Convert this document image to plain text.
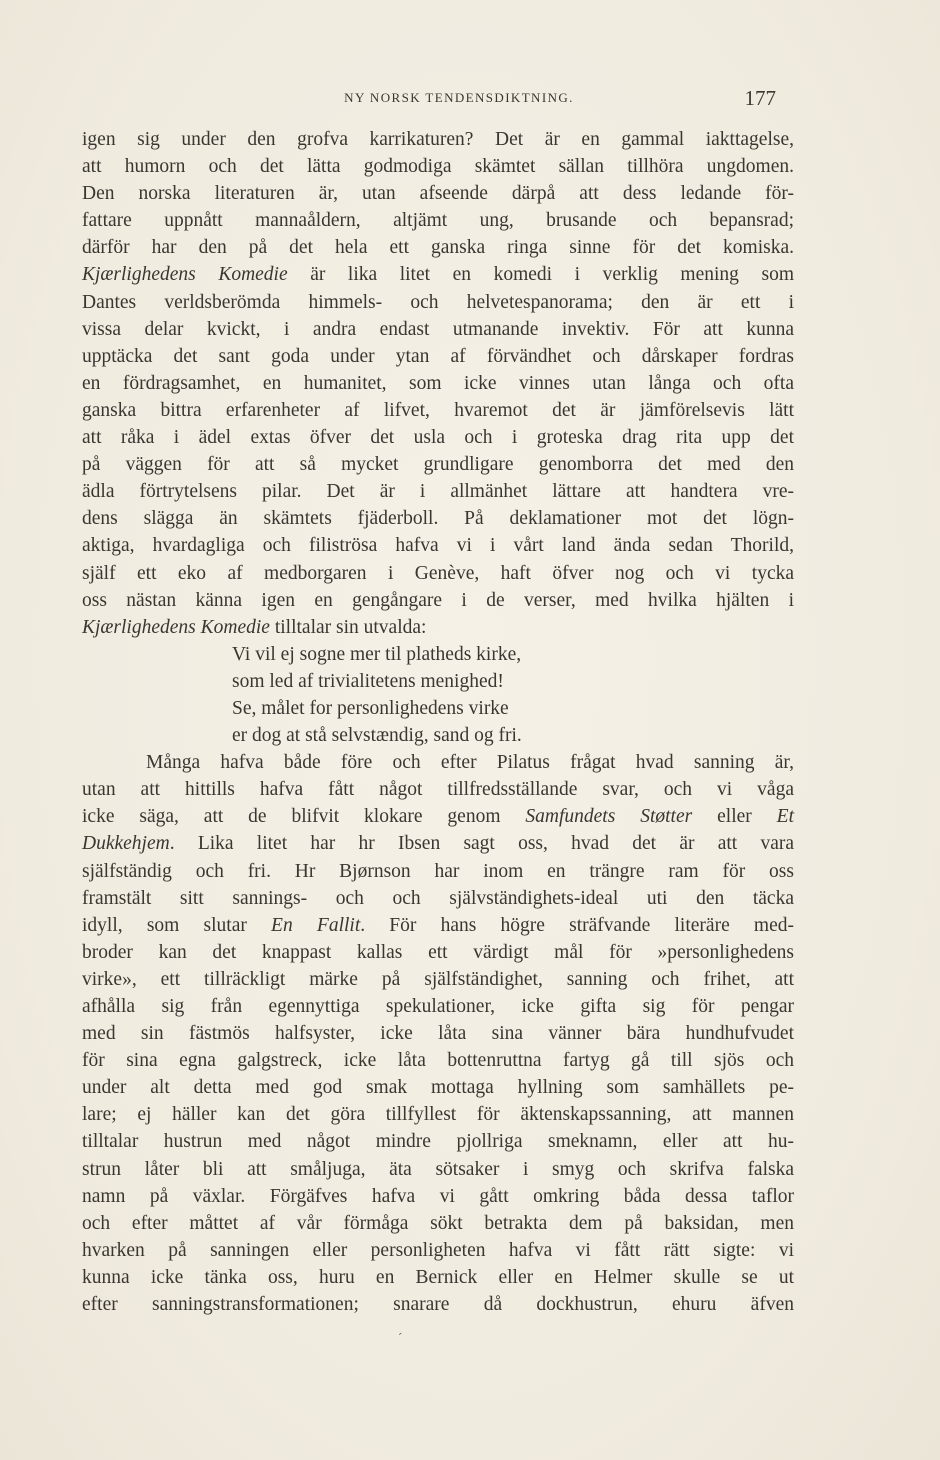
NY NORSK TENDENSDIKTNING.	177
igen sig under den grofva karrikaturen? Det är en gammal iakttagelse,
att humorn och det lätta godmodiga skämtet sällan tillhöra ungdomen.
Den norska literaturen är, utan afseende därpå att dess ledande för-
fattare uppnått mannaåldern, altjämt ung, brusande och bepansrad;
därför har den på det hela ett ganska ringa sinne för det komiska.
Kjærlighedens Komedie är lika litet en komedi i verklig mening som
Dantes verldsberömda himmels- och helvetespanorama; den är ett i
vissa delar kvickt, i andra endast utmanande invektiv. För att kunna
upptäcka det sant goda under ytan af förvändhet och dårskaper fordras
en fördragsamhet, en humanitet, som icke vinnes utan långa och ofta
ganska bittra erfarenheter af lifvet, hvaremot det är jämförelsevis lätt
att råka i ädel extas öfver det usla och i groteska drag rita upp det
på väggen för att så mycket grundligare genomborra det med den
ädla förtrytelsens pilar. Det är i allmänhet lättare att handtera vre-
dens slägga än skämtets fjäderboll. På deklamationer mot det lögn-
aktiga, hvardagliga och filiströsa hafva vi i vårt land ända sedan Thorild,
själf ett eko af medborgaren i Genève, haft öfver nog och vi tycka
oss nästan känna igen en gengångare i de verser, med hvilka hjälten i
Kjærlighedens Komedie tilltalar sin utvalda:
Vi vil ej sogne mer til platheds kirke,
som led af trivialitetens menighed!
Se, målet for personlighedens virke
er dog at stå selvstændig, sand og fri.
Många hafva både före och efter Pilatus frågat hvad sanning är,
utan att hittills hafva fått något tillfredsställande svar, och vi våga
icke säga, att de blifvit klokare genom Samfundets Støtter eller Et
Dukkehjem. Lika litet har hr Ibsen sagt oss, hvad det är att vara
själfständig och fri. Hr Bjørnson har inom en trängre ram för oss
framstält sitt sannings- och och självständighets-ideal uti den täcka
idyll, som slutar En Fallit. För hans högre sträfvande literäre med-
broder kan det knappast kallas ett värdigt mål för »personlighedens
virke», ett tillräckligt märke på själfständighet, sanning och frihet, att
afhålla sig från egennyttiga spekulationer, icke gifta sig för pengar
med sin fästmös halfsyster, icke låta sina vänner bära hundhufvudet
för sina egna galgstreck, icke låta bottenruttna fartyg gå till sjös och
under alt detta med god smak mottaga hyllning som samhällets pe-
lare; ej häller kan det göra tillfyllest för äktenskapssanning, att mannen
tilltalar hustrun med något mindre pjollriga smeknamn, eller att hu-
strun låter bli att småljuga, äta sötsaker i smyg och skrifva falska
namn på växlar. Förgäfves hafva vi gått omkring båda dessa taflor
och efter måttet af vår förmåga sökt betrakta dem på baksidan, men
hvarken på sanningen eller personligheten hafva vi fått rätt sigte: vi
kunna icke tänka oss, huru en Bernick eller en Helmer skulle se ut
efter sanningstransformationen; snarare då dockhustrun, ehuru äfven
´
